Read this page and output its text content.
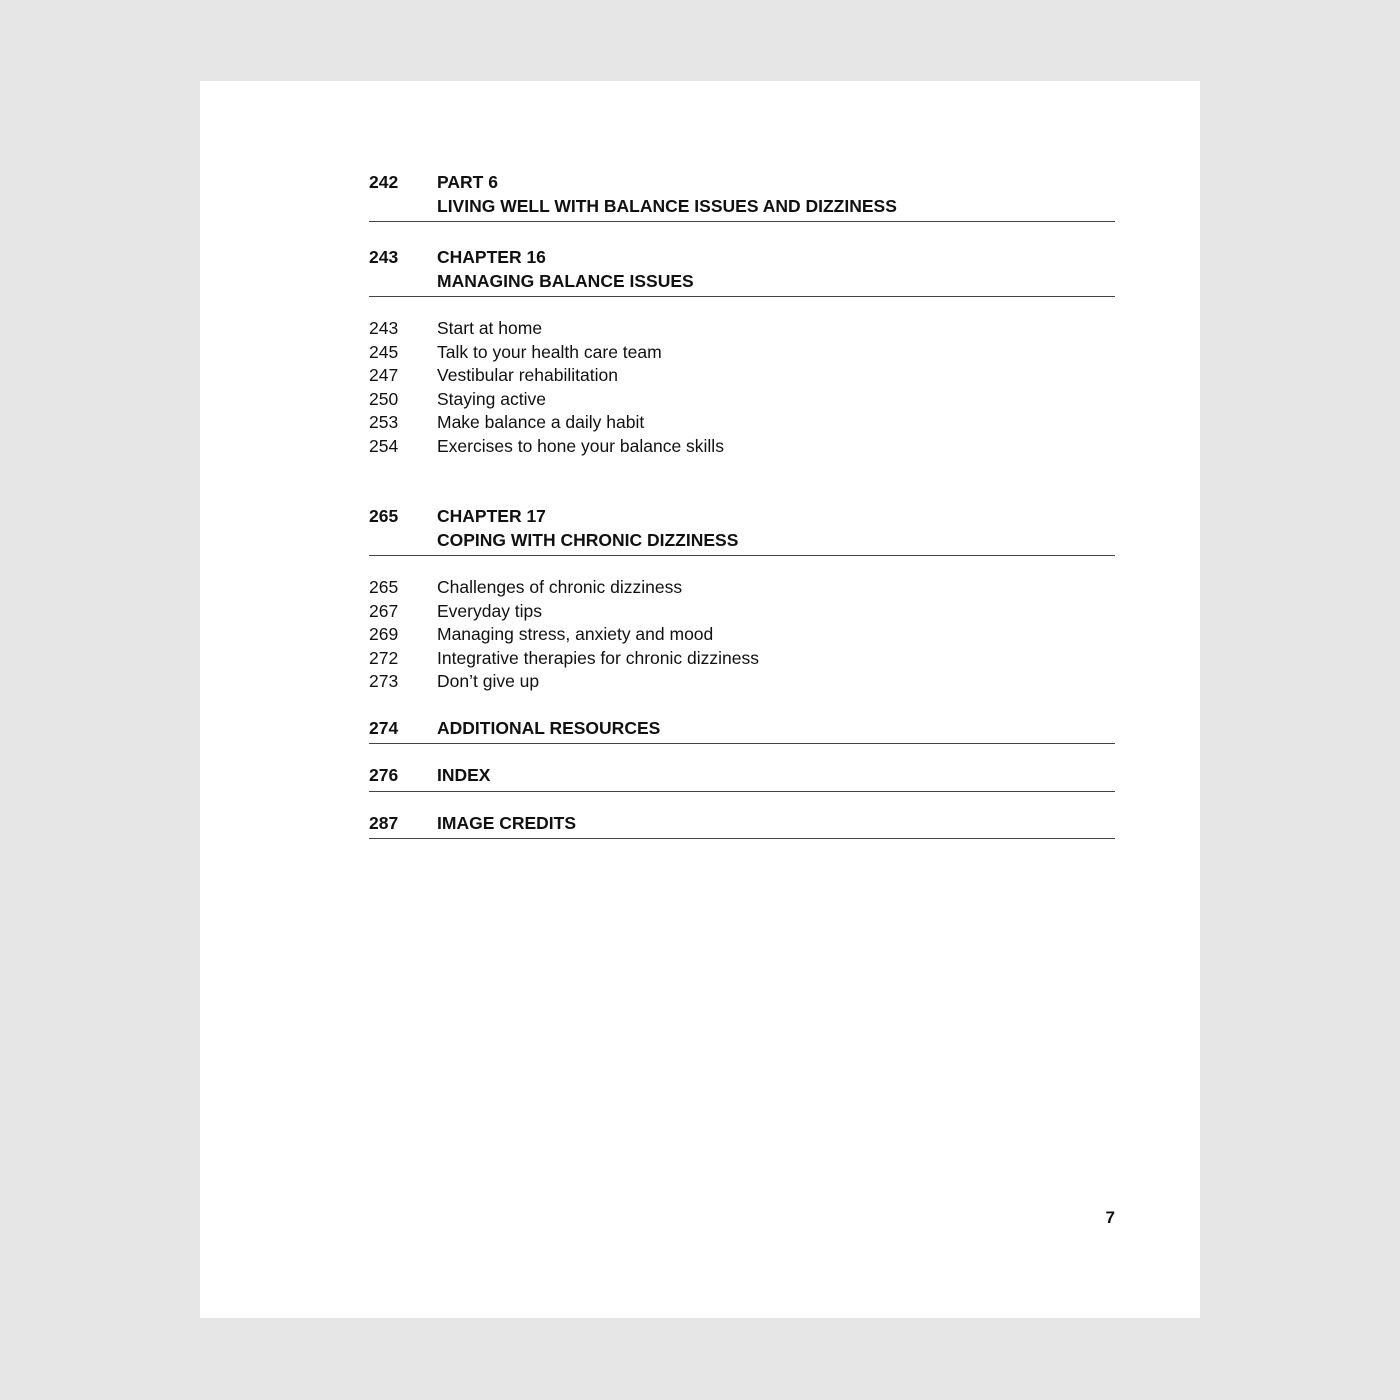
242	PART 6
LIVING WELL WITH BALANCE ISSUES AND DIZZINESS
243	CHAPTER 16
MANAGING BALANCE ISSUES
243	Start at home
245	Talk to your health care team
247	Vestibular rehabilitation
250	Staying active
253	Make balance a daily habit
254	Exercises to hone your balance skills
265	CHAPTER 17
COPING WITH CHRONIC DIZZINESS
265	Challenges of chronic dizziness
267	Everyday tips
269	Managing stress, anxiety and mood
272	Integrative therapies for chronic dizziness
273	Don’t give up
274	ADDITIONAL RESOURCES
276	INDEX
287	IMAGE CREDITS
7
